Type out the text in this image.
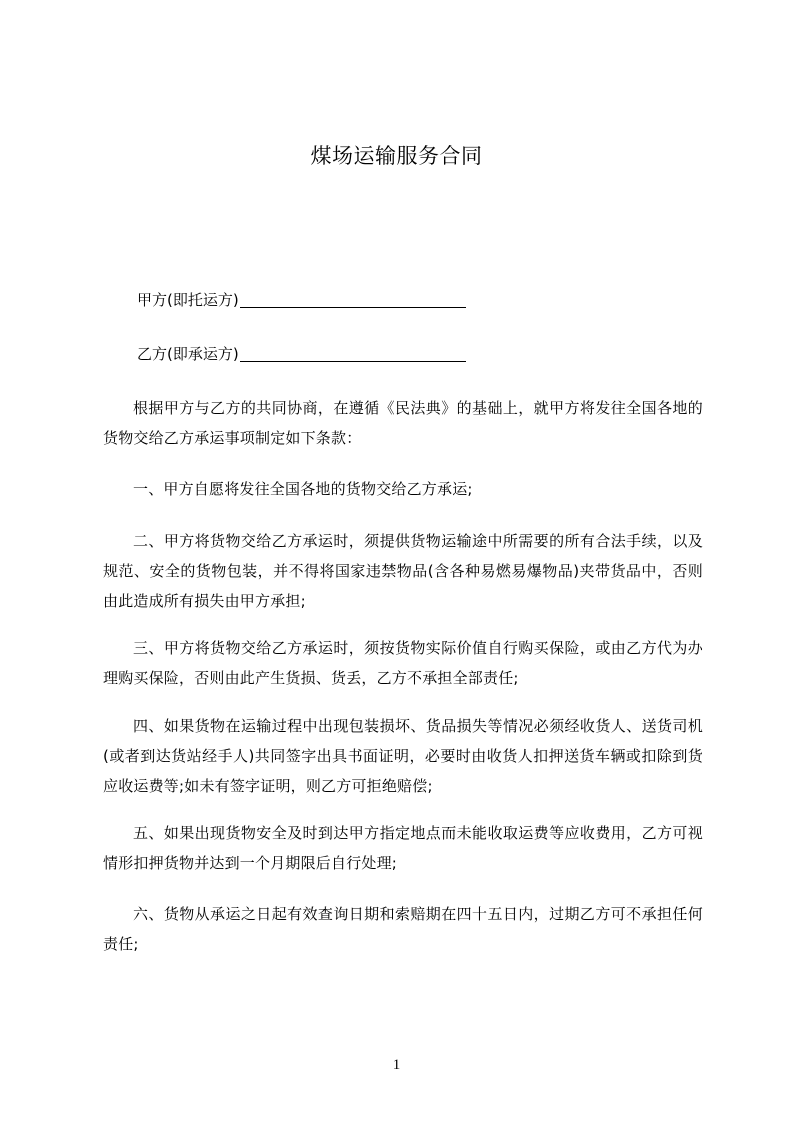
煤场运输服务合同
甲方(即托运方)
乙方(即承运方)

根据甲方与乙方的共同协商，在遵循《民法典》的基础上，就甲方将发往全国各地的货物交给乙方承运事项制定如下条款：

一、甲方自愿将发往全国各地的货物交给乙方承运;

二、甲方将货物交给乙方承运时，须提供货物运输途中所需要的所有合法手续，以及规范、安全的货物包装，并不得将国家违禁物品(含各种易燃易爆物品)夹带货品中，否则由此造成所有损失由甲方承担;

三、甲方将货物交给乙方承运时，须按货物实际价值自行购买保险，或由乙方代为办理购买保险，否则由此产生货损、货丢，乙方不承担全部责任;

四、如果货物在运输过程中出现包装损坏、货品损失等情况必须经收货人、送货司机(或者到达货站经手人)共同签字出具书面证明，必要时由收货人扣押送货车辆或扣除到货应收运费等;如未有签字证明，则乙方可拒绝赔偿;

五、如果出现货物安全及时到达甲方指定地点而未能收取运费等应收费用，乙方可视情形扣押货物并达到一个月期限后自行处理;

六、货物从承运之日起有效查询日期和索赔期在四十五日内，过期乙方可不承担任何责任;

1
